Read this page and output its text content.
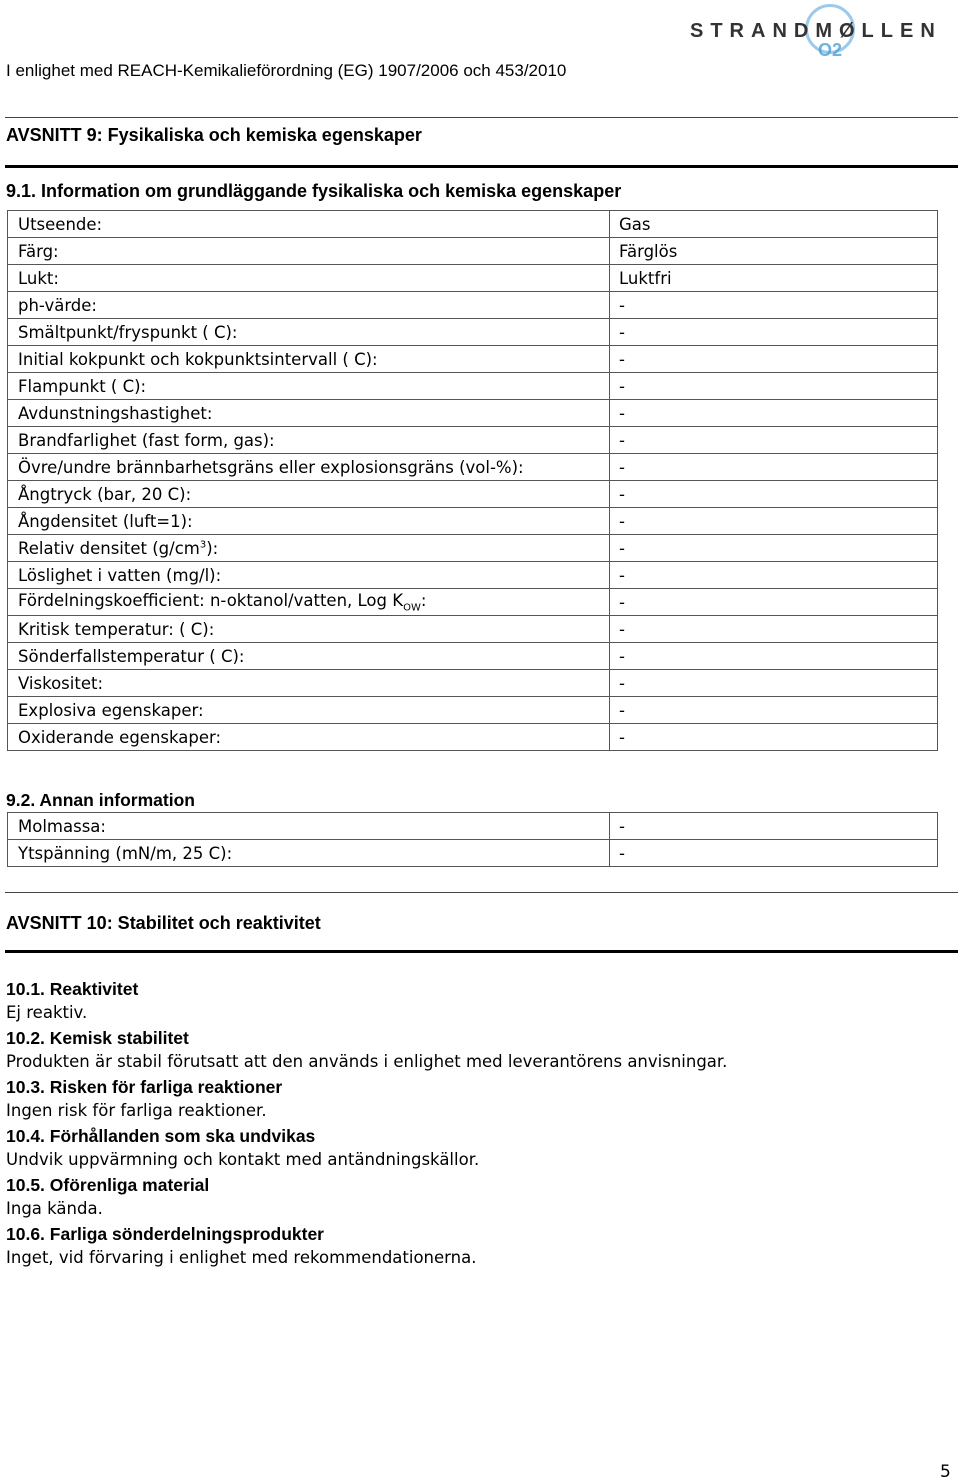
STRANDMØLLEN
O2
I enlighet med REACH-Kemikalieförordning (EG) 1907/2006 och 453/2010
AVSNITT 9: Fysikaliska och kemiska egenskaper
9.1. Information om grundläggande fysikaliska och kemiska egenskaper
Utseende:	Gas
Färg:	Färglös
Lukt:	Luktfri
ph-värde:	-
Smältpunkt/fryspunkt ( C):	-
Initial kokpunkt och kokpunktsintervall ( C):	-
Flampunkt ( C):	-
Avdunstningshastighet:	-
Brandfarlighet (fast form, gas):	-
Övre/undre brännbarhetsgräns eller explosionsgräns (vol-%):	-
Ångtryck (bar, 20 C):	-
Ångdensitet (luft=1):	-
Relativ densitet $(g/cm^3)$:	-
Löslighet i vatten (mg/l):	-
Fördelningskoefficient: n-oktanol/vatten, Log $K_{OW}$:	-
Kritisk temperatur: ( C):	-
Sönderfallstemperatur ( C):	-
Viskositet:	-
Explosiva egenskaper:	-
Oxiderande egenskaper:	-
9.2. Annan information
Molmassa:	-
Ytspänning (mN/m, 25 C):	-
AVSNITT 10: Stabilitet och reaktivitet
10.1. Reaktivitet
Ej reaktiv.
10.2. Kemisk stabilitet
Produkten är stabil förutsatt att den används i enlighet med leverantörens anvisningar.
10.3. Risken för farliga reaktioner
Ingen risk för farliga reaktioner.
10.4. Förhållanden som ska undvikas
Undvik uppvärmning och kontakt med antändningskällor.
10.5. Oförenliga material
Inga kända.
10.6. Farliga sönderdelningsprodukter
Inget, vid förvaring i enlighet med rekommendationerna.
5
